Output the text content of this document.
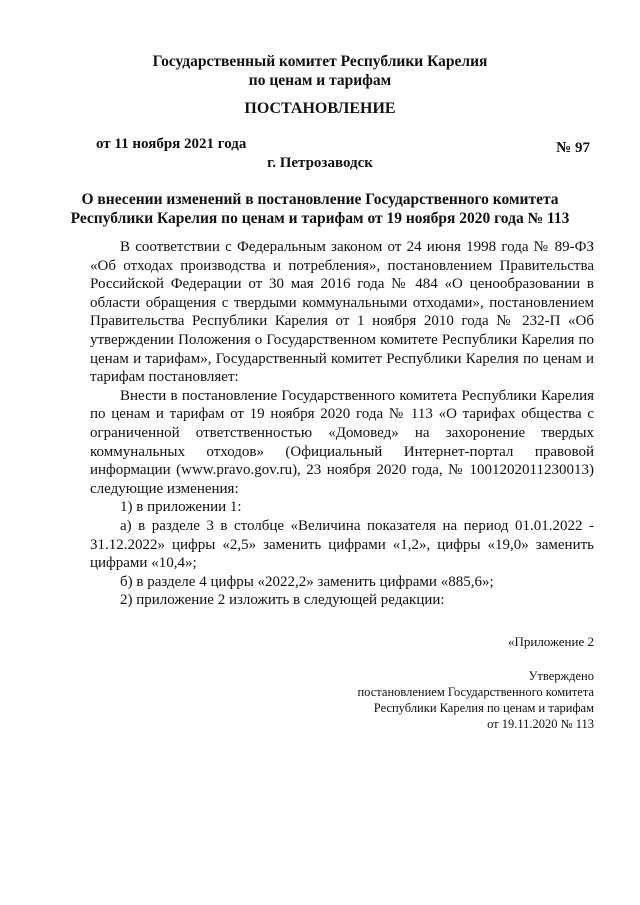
Государственный комитет Республики Карелия
по ценам и тарифам
ПОСТАНОВЛЕНИЕ
от 11 ноября 2021 года	№ 97
г. Петрозаводск
О внесении изменений в постановление Государственного комитета
Республики Карелия по ценам и тарифам от 19 ноября 2020 года № 113

В соответствии с Федеральным законом от 24 июня 1998 года № 89-ФЗ «Об отходах производства и потребления», постановлением Правительства Российской Федерации от 30 мая 2016 года № 484 «О ценообразовании в области обращения с твердыми коммунальными отходами», постановлением Правительства Республики Карелия от 1 ноября 2010 года № 232-П «Об утверждении Положения о Государственном комитете Республики Карелия по ценам и тарифам», Государственный комитет Республики Карелия по ценам и тарифам постановляет:

Внести в постановление Государственного комитета Республики Карелия по ценам и тарифам от 19 ноября 2020 года № 113 «О тарифах общества с ограниченной ответственностью «Домовед» на захоронение твердых коммунальных отходов» (Официальный Интернет-портал правовой информации (www.pravo.gov.ru), 23 ноября 2020 года, № 1001202011230013) следующие изменения:

1) в приложении 1:

а) в разделе 3 в столбце «Величина показателя на период 01.01.2022 - 31.12.2022» цифры «2,5» заменить цифрами «1,2», цифры «19,0» заменить цифрами «10,4»;

б) в разделе 4 цифры «2022,2» заменить цифрами «885,6»;

2) приложение 2 изложить в следующей редакции:

«Приложение 2
Утверждено
постановлением Государственного комитета
Республики Карелия по ценам и тарифам
от 19.11.2020 № 113
